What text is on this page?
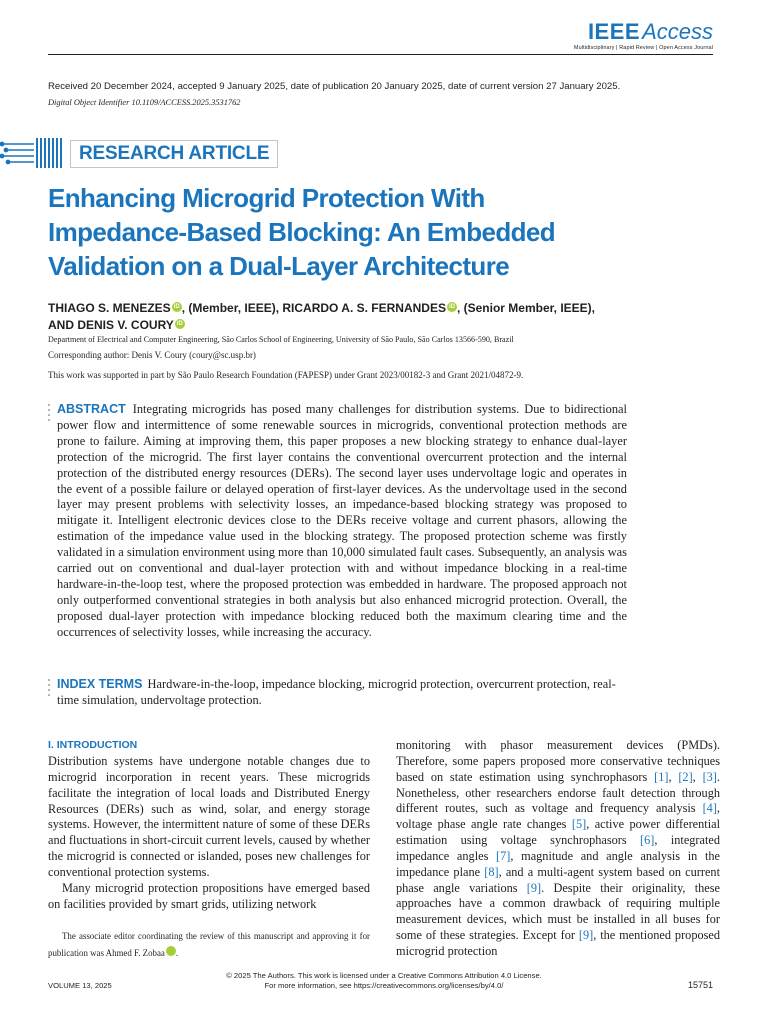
IEEEAccess
Multidisciplinary | Rapid Review | Open Access Journal
Received 20 December 2024, accepted 9 January 2025, date of publication 20 January 2025, date of current version 27 January 2025.
Digital Object Identifier 10.1109/ACCESS.2025.3531762
RESEARCH ARTICLE
Enhancing Microgrid Protection With Impedance-Based Blocking: An Embedded Validation on a Dual-Layer Architecture
THIAGO S. MENEZES iD , (Member, IEEE), RICARDO A. S. FERNANDES iD , (Senior Member, IEEE),
AND DENIS V. COURY iD
Department of Electrical and Computer Engineering, São Carlos School of Engineering, University of São Paulo, São Carlos 13566-590, Brazil
Corresponding author: Denis V. Coury (coury@sc.usp.br)
This work was supported in part by São Paulo Research Foundation (FAPESP) under Grant 2023/00182-3 and Grant 2021/04872-9.

ABSTRACT Integrating microgrids has posed many challenges for distribution systems. Due to bidirectional power flow and intermittence of some renewable sources in microgrids, conventional protection methods are prone to failure. Aiming at improving them, this paper proposes a new blocking strategy to enhance dual-layer protection of the microgrid. The first layer contains the conventional overcurrent protection and the internal protection of the distributed energy resources (DERs). The second layer uses undervoltage logic and operates in the event of a possible failure or delayed operation of first-layer devices. As the undervoltage used in the second layer may present problems with selectivity losses, an impedance-based blocking strategy was proposed to mitigate it. Intelligent electronic devices close to the DERs receive voltage and current phasors, allowing the estimation of the impedance value used in the blocking strategy. The proposed protection scheme was firstly validated in a simulation environment using more than 10,000 simulated fault cases. Subsequently, an analysis was carried out on conventional and dual-layer protection with and without impedance blocking in a real-time hardware-in-the-loop test, where the proposed protection was embedded in hardware. The proposed approach not only outperformed conventional strategies in both analysis but also enhanced microgrid protection. Overall, the proposed dual-layer protection with impedance blocking reduced both the maximum clearing time and the occurrences of selectivity losses, while increasing the accuracy.

INDEX TERMS Hardware-in-the-loop, impedance blocking, microgrid protection, overcurrent protection, real-time simulation, undervoltage protection.

I. INTRODUCTION

Distribution systems have undergone notable changes due to microgrid incorporation in recent years. These microgrids facilitate the integration of local loads and Distributed Energy Resources (DERs) such as wind, solar, and energy storage systems. However, the intermittent nature of some of these DERs and fluctuations in short-circuit current levels, caused by whether the microgrid is connected or islanded, poses new challenges for conventional protection systems.

Many microgrid protection propositions have emerged based on facilities provided by smart grids, utilizing network

The associate editor coordinating the review of this manuscript and approving it for publication was Ahmed F. Zobaa	iD.

monitoring with phasor measurement devices (PMDs). Therefore, some papers proposed more conservative techniques based on state estimation using synchrophasors [1], [2], [3]. Nonetheless, other researchers endorse fault detection through different routes, such as voltage and frequency analysis [4], voltage phase angle rate changes [5], active power differential estimation using voltage synchrophasors [6], integrated impedance angles [7], magnitude and angle analysis in the impedance plane [8], and a multi-agent system based on current phase angle variations [9]. Despite their originality, these approaches have a common drawback of requiring multiple measurement devices, which must be installed in all buses for some of these strategies. Except for [9], the mentioned proposed microgrid protection

© 2025 The Authors. This work is licensed under a Creative Commons Attribution 4.0 License.
For more information, see https://creativecommons.org/licenses/by/4.0/
VOLUME 13, 2025	15751
